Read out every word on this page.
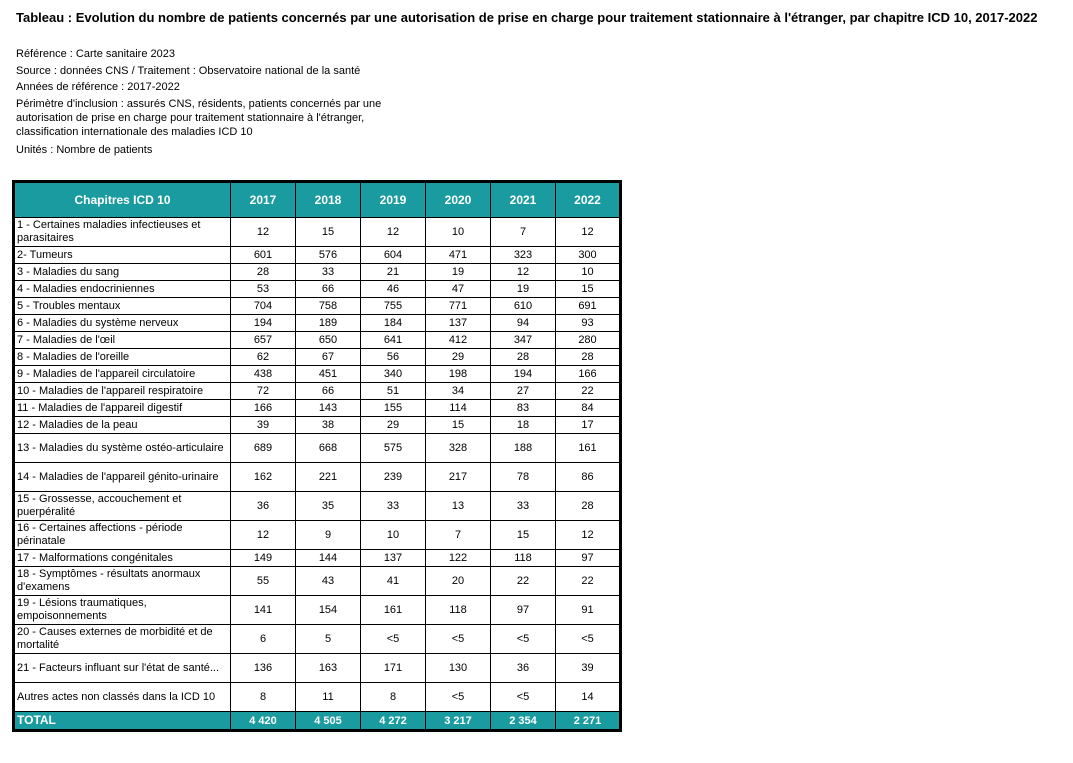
Tableau : Evolution du nombre de patients concernés par une autorisation de prise en charge pour traitement stationnaire à l'étranger, par chapitre ICD 10, 2017-2022
Référence : Carte sanitaire 2023
Source : données CNS / Traitement : Observatoire national de la santé
Années de référence : 2017-2022
Périmètre d'inclusion : assurés CNS, résidents, patients concernés par une autorisation de prise en charge pour traitement stationnaire à l'étranger, classification internationale des maladies ICD 10
Unités : Nombre de patients
Chapitres ICD 10	2017	2018	2019	2020	2021	2022
1 - Certaines maladies infectieuses et parasitaires	12	15	12	10	7	12
2- Tumeurs	601	576	604	471	323	300
3 - Maladies du sang	28	33	21	19	12	10
4 - Maladies endocriniennes	53	66	46	47	19	15
5 - Troubles mentaux	704	758	755	771	610	691
6 - Maladies du système nerveux	194	189	184	137	94	93
7 - Maladies de l'œil	657	650	641	412	347	280
8 - Maladies de l'oreille	62	67	56	29	28	28
9 - Maladies de l'appareil circulatoire	438	451	340	198	194	166
10 - Maladies de l'appareil respiratoire	72	66	51	34	27	22
11 - Maladies de l'appareil digestif	166	143	155	114	83	84
12 - Maladies de la peau	39	38	29	15	18	17
13 - Maladies du système ostéo-articulaire	689	668	575	328	188	161
14 - Maladies de l'appareil génito-urinaire	162	221	239	217	78	86
15 - Grossesse, accouchement et puerpéralité	36	35	33	13	33	28
16 - Certaines affections - période périnatale	12	9	10	7	15	12
17 - Malformations congénitales	149	144	137	122	118	97
18 - Symptômes - résultats anormaux d'examens	55	43	41	20	22	22
19 - Lésions traumatiques, empoisonnements	141	154	161	118	97	91
20 - Causes externes de morbidité et de mortalité	6	5	<5	<5	<5	<5
21 - Facteurs influant sur l'état de santé...	136	163	171	130	36	39
Autres actes non classés dans la ICD 10	8	11	8	<5	<5	14
TOTAL	4 420	4 505	4 272	3 217	2 354	2 271
